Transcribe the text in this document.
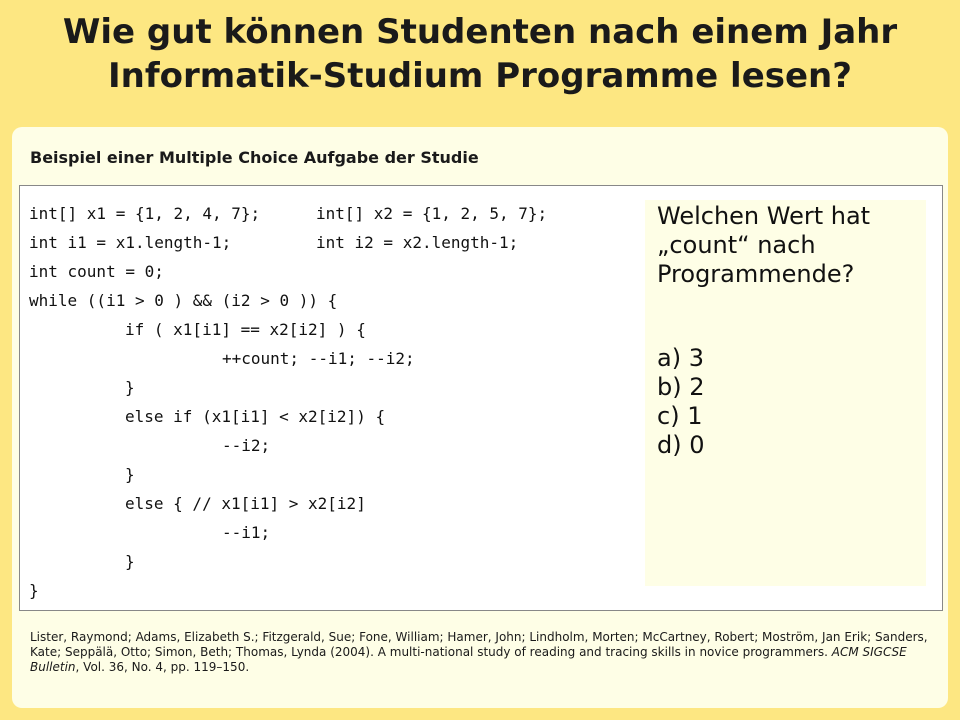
Wie gut können Studenten nach einem Jahr
Informatik-Studium Programme lesen?
Beispiel einer Multiple Choice Aufgabe der Studie
int[] x1 = {1, 2, 4, 7};
int i1 = x1.length-1;
int count = 0;
while ((i1 > 0 ) && (i2 > 0 )) {
if ( x1[i1] == x2[i2] ) {
++count; --i1; --i2;
}
else if (x1[i1] < x2[i2]) {
--i2;
}
else { // x1[i1] > x2[i2]
--i1;
}
}
int[] x2 = {1, 2, 5, 7};
int i2 = x2.length-1;
Welchen Wert hat
„count“ nach
Programmende?
a) 3
b) 2
c) 1
d) 0
Lister, Raymond; Adams, Elizabeth S.; Fitzgerald, Sue; Fone, William; Hamer, John; Lindholm, Morten; McCartney, Robert; Moström, Jan Erik; Sanders, Kate; Seppälä, Otto; Simon, Beth; Thomas, Lynda (2004). A multi-national study of reading and tracing skills in novice programmers. ACM SIGCSE Bulletin, Vol. 36, No. 4, pp. 119–150.
